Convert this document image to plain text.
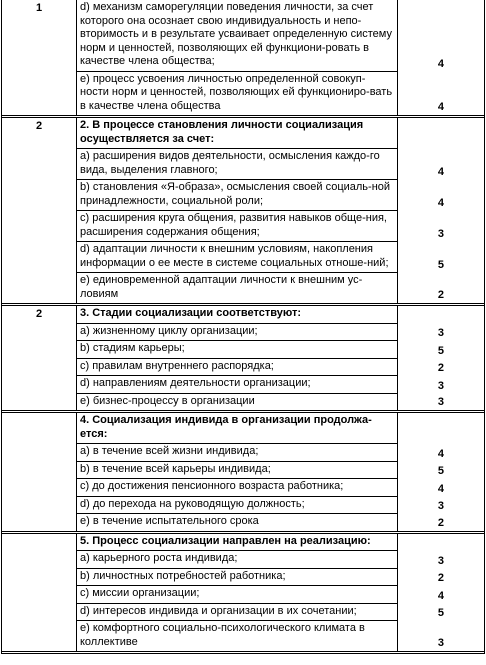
1	d) механизм саморегуляции поведения личности, за счет которого она осознает свою индивидуальность и непо-вторимость и в результате усваивает определенную систему норм и ценностей, позволяющих ей функциони-ровать в качестве члена общества;	4
e) процесс усвоения личностью определенной совокуп-ности норм и ценностей, позволяющих ей функциониро-вать в качестве члена общества	4
2	2. В процессе становления личности социализация осуществляется за счет:
a) расширения видов деятельности, осмысления каждо-го вида, выделения главного;	4
b) становления «Я-образа», осмысления своей социаль-ной принадлежности, социальной роли;	4
c) расширения круга общения, развития навыков обще-ния, расширения содержания общения;	3
d) адаптации личности к внешним условиям, накопления информации о ее месте в системе социальных отноше-ний;	5
e) единовременной адаптации личности к внешним ус-ловиям	2
2	3. Стадии социализации соответствуют:
a) жизненному циклу организации;	3
b) стадиям карьеры;	5
c) правилам внутреннего распорядка;	2
d) направлениям деятельности организации;	3
e) бизнес-процессу в организации	3
4. Социализация индивида в организации продолжа-ется:
a) в течение всей жизни индивида;	4
b) в течение всей карьеры индивида;	5
c) до достижения пенсионного возраста работника;	4
d) до перехода на руководящую должность;	3
e) в течение испытательного срока	2
5. Процесс социализации направлен на реализацию:
a) карьерного роста индивида;	3
b) личностных потребностей работника;	2
c) миссии организации;	4
d) интересов индивида и организации в их сочетании;	5
e) комфортного социально-психологического климата в коллективе	3
